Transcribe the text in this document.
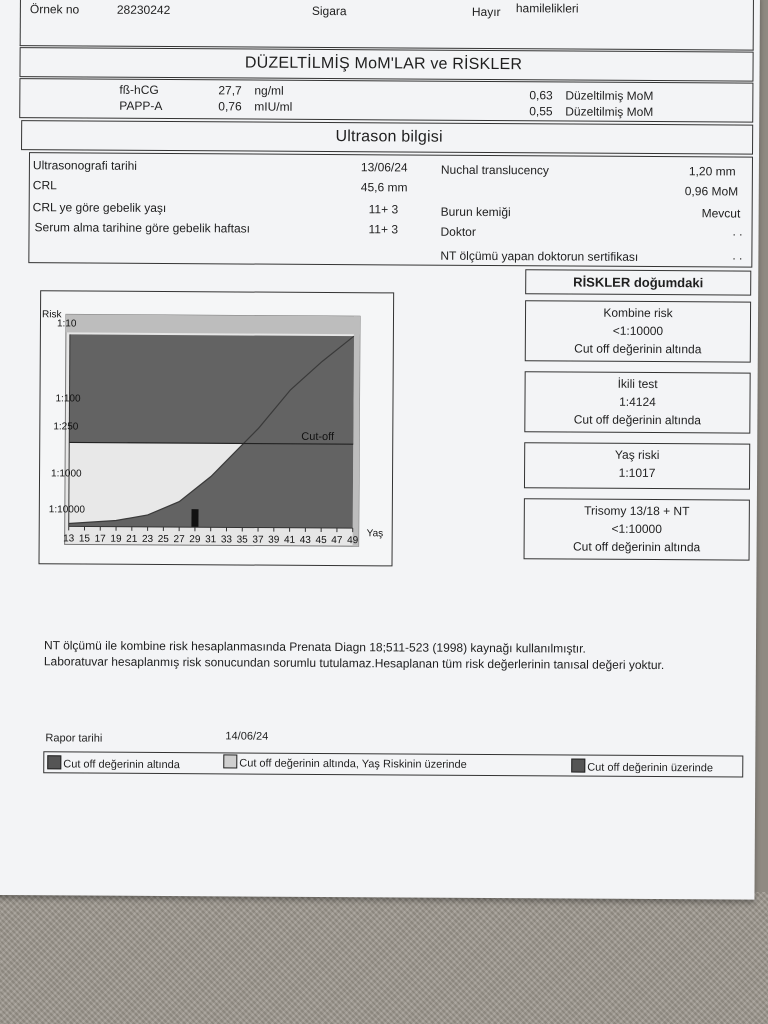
Örnek no	28230242	Sigara	Hayır hamilelikleri
DÜZELTİLMİŞ MoM'LAR ve RİSKLER
fß-hCG	27,7 ng/ml	0,63 Düzeltilmiş MoM
PAPP-A	0,76 mIU/ml	0,55 Düzeltilmiş MoM
Ultrason bilgisi
Ultrasonografi tarihi	13/06/24
CRL	45,6 mm
CRL ye göre gebelik yaşı	11+ 3
Serum alma tarihine göre gebelik haftası	11+ 3
Nuchal translucency	1,20 mm
0,96 MoM
Burun kemiği	Mevcut
Doktor	. .
NT ölçümü yapan doktorun sertifikası	. .
Risk
Cut-off
1:10
1:100
1:250
1:1000
1:10000
13 15 17 19 21 23 25 27 29 31 33 35 37 39 41 43 45 47 49
Yaş
RİSKLER doğumdaki
Kombine risk
<1:10000
Cut off değerinin altında
İkili test
1:4124
Cut off değerinin altında
Yaş riski
1:1017
Trisomy 13/18 + NT
<1:10000
Cut off değerinin altında
NT ölçümü ile kombine risk hesaplanmasında Prenata Diagn 18;511-523 (1998) kaynağı kullanılmıştır.
Laboratuvar hesaplanmış risk sonucundan sorumlu tutulamaz.Hesaplanan tüm risk değerlerinin tanısal değeri yoktur.
Rapor tarihi	14/06/24
Cut off değerinin altında	Cut off değerinin altında, Yaş Riskinin üzerinde	Cut off değerinin üzerinde
